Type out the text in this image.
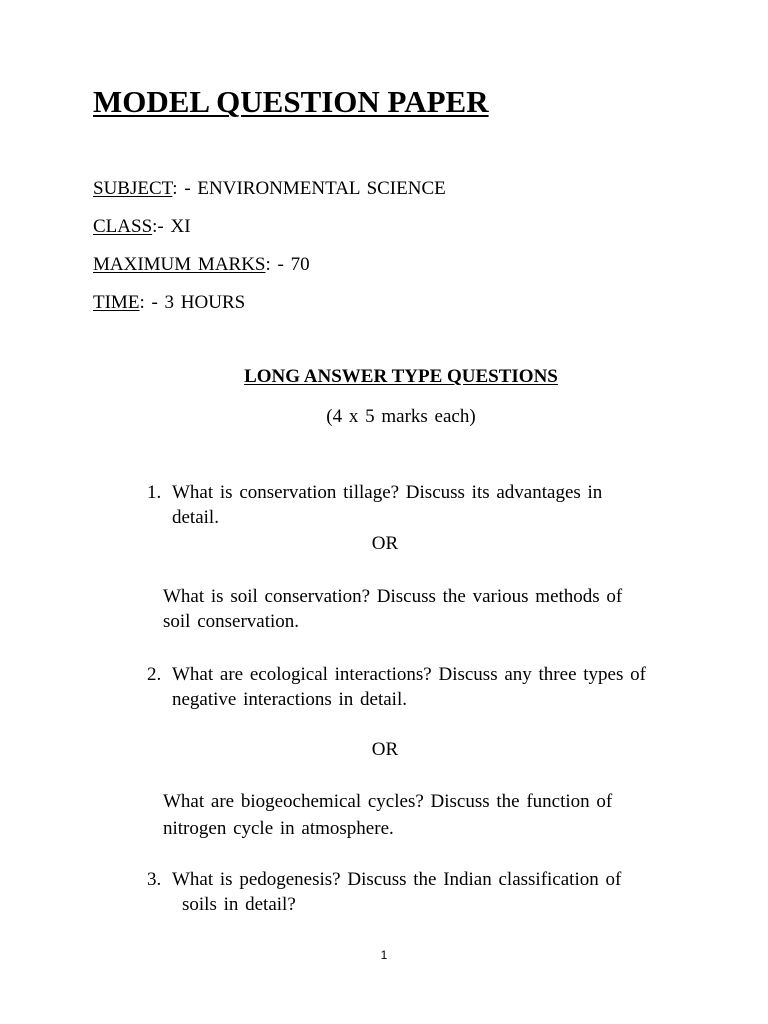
MODEL QUESTION PAPER
SUBJECT: - ENVIRONMENTAL SCIENCE
CLASS:- XI
MAXIMUM MARKS: - 70
TIME: - 3 HOURS
LONG ANSWER TYPE QUESTIONS
(4 x 5 marks each)
1. What is conservation tillage? Discuss its advantages in
detail.
OR
What is soil conservation? Discuss the various methods of
soil conservation.
2. What are ecological interactions? Discuss any three types of
negative interactions in detail.
OR
What are biogeochemical cycles? Discuss the function of
nitrogen cycle in atmosphere.
3. What is pedogenesis? Discuss the Indian classification of
soils in detail?
1
